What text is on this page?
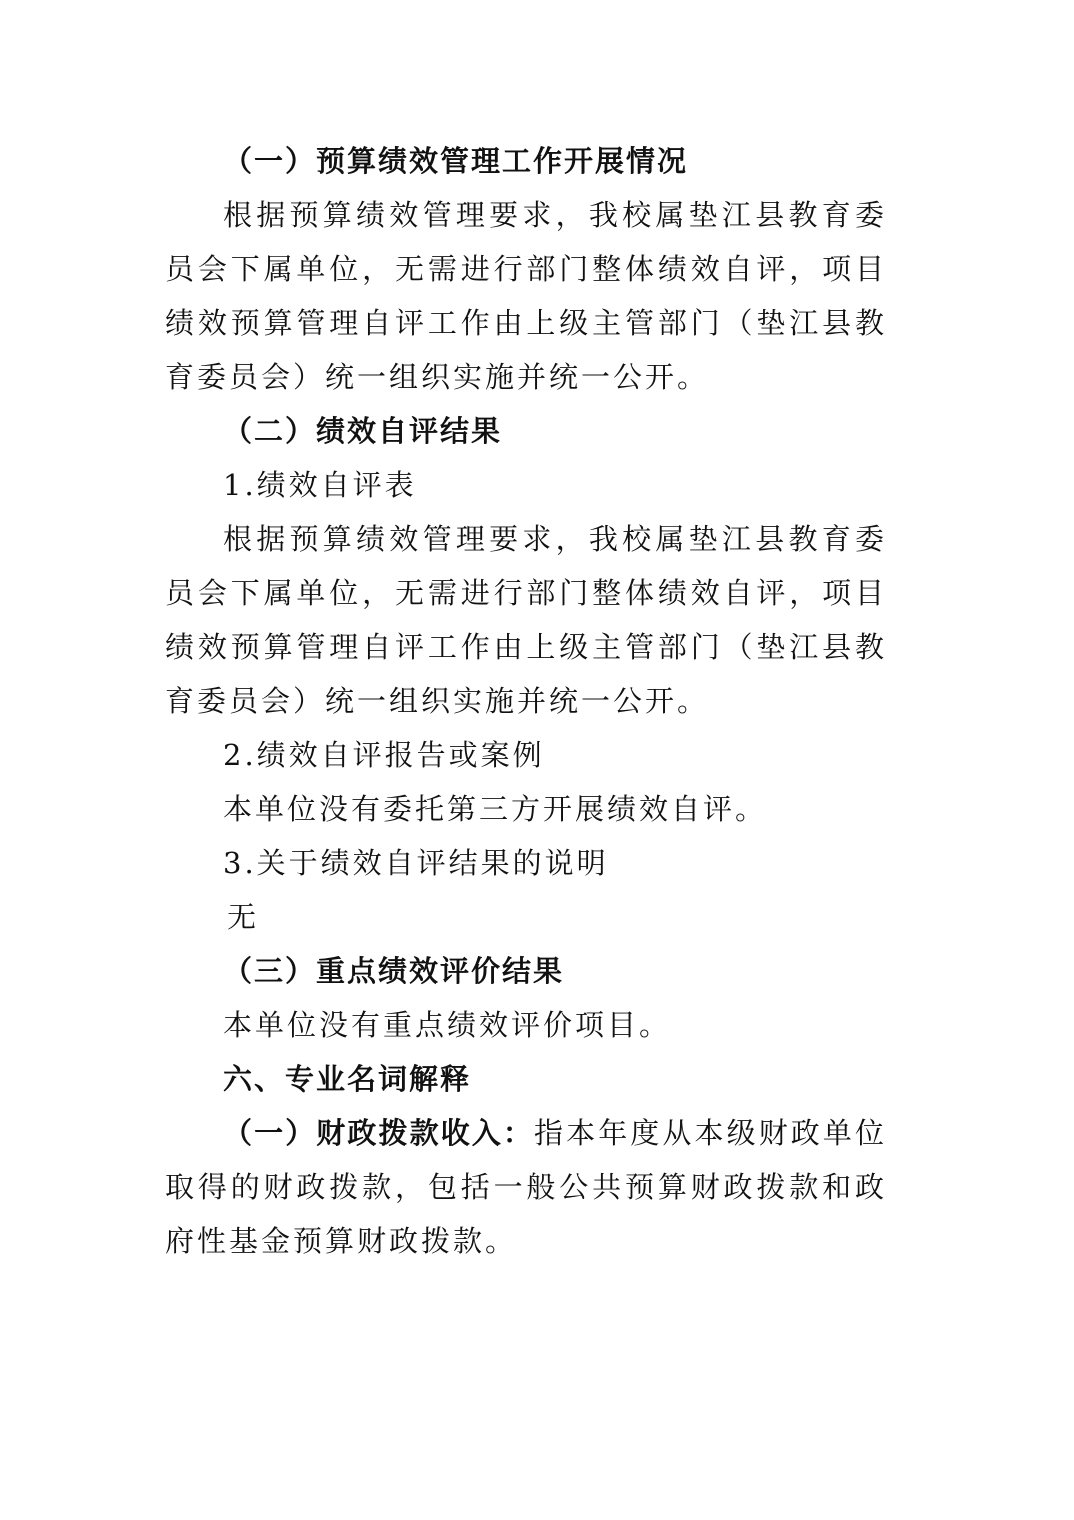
（一）预算绩效管理工作开展情况

根据预算绩效管理要求，我校属垫江县教育委员会下属单位，无需进行部门整体绩效自评，项目绩效预算管理自评工作由上级主管部门（垫江县教育委员会）统一组织实施并统一公开。

（二）绩效自评结果

1.绩效自评表

根据预算绩效管理要求，我校属垫江县教育委员会下属单位，无需进行部门整体绩效自评，项目绩效预算管理自评工作由上级主管部门（垫江县教育委员会）统一组织实施并统一公开。

2.绩效自评报告或案例

本单位没有委托第三方开展绩效自评。

3.关于绩效自评结果的说明

无

（三）重点绩效评价结果

本单位没有重点绩效评价项目。

六、专业名词解释

（一）财政拨款收入：指本年度从本级财政单位取得的财政拨款，包括一般公共预算财政拨款和政府性基金预算财政拨款。
